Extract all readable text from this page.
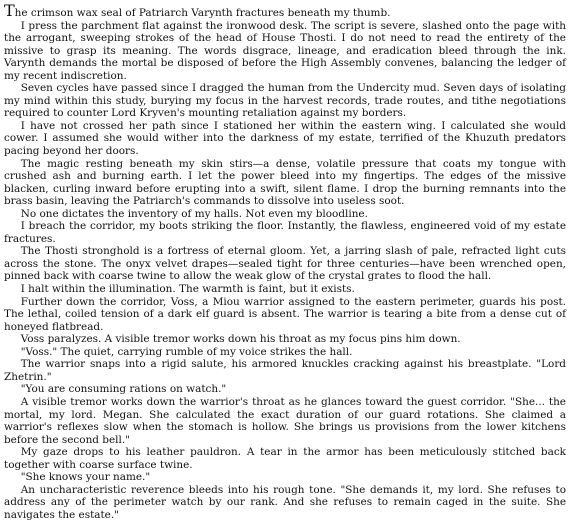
The crimson wax seal of Patriarch Varynth fractures beneath my thumb.

I press the parchment flat against the ironwood desk. The script is severe, slashed onto the page with the arrogant, sweeping strokes of the head of House Thosti. I do not need to read the entirety of the missive to grasp its meaning. The words disgrace, lineage, and eradication bleed through the ink. Varynth demands the mortal be disposed of before the High Assembly convenes, balancing the ledger of my recent indiscretion.

Seven cycles have passed since I dragged the human from the Undercity mud. Seven days of isolating my mind within this study, burying my focus in the harvest records, trade routes, and tithe negotiations required to counter Lord Kryven's mounting retaliation against my borders.

I have not crossed her path since I stationed her within the eastern wing. I calculated she would cower. I assumed she would wither into the darkness of my estate, terrified of the Khuzuth predators pacing beyond her doors.

The magic resting beneath my skin stirs—a dense, volatile pressure that coats my tongue with crushed ash and burning earth. I let the power bleed into my fingertips. The edges of the missive blacken, curling inward before erupting into a swift, silent flame. I drop the burning remnants into the brass basin, leaving the Patriarch's commands to dissolve into useless soot.

No one dictates the inventory of my halls. Not even my bloodline.

I breach the corridor, my boots striking the floor. Instantly, the flawless, engineered void of my estate fractures.

The Thosti stronghold is a fortress of eternal gloom. Yet, a jarring slash of pale, refracted light cuts across the stone. The onyx velvet drapes—sealed tight for three centuries—have been wrenched open, pinned back with coarse twine to allow the weak glow of the crystal grates to flood the hall.

I halt within the illumination. The warmth is faint, but it exists.

Further down the corridor, Voss, a Miou warrior assigned to the eastern perimeter, guards his post. The lethal, coiled tension of a dark elf guard is absent. The warrior is tearing a bite from a dense cut of honeyed flatbread.

Voss paralyzes. A visible tremor works down his throat as my focus pins him down.

"Voss." The quiet, carrying rumble of my voice strikes the hall.

The warrior snaps into a rigid salute, his armored knuckles cracking against his breastplate. "Lord Zhetrin."

"You are consuming rations on watch."

A visible tremor works down the warrior's throat as he glances toward the guest corridor. "She... the mortal, my lord. Megan. She calculated the exact duration of our guard rotations. She claimed a warrior's reflexes slow when the stomach is hollow. She brings us provisions from the lower kitchens before the second bell."

My gaze drops to his leather pauldron. A tear in the armor has been meticulously stitched back together with coarse surface twine.

"She knows your name."

An uncharacteristic reverence bleeds into his rough tone. "She demands it, my lord. She refuses to address any of the perimeter watch by our rank. And she refuses to remain caged in the suite. She navigates the estate."
